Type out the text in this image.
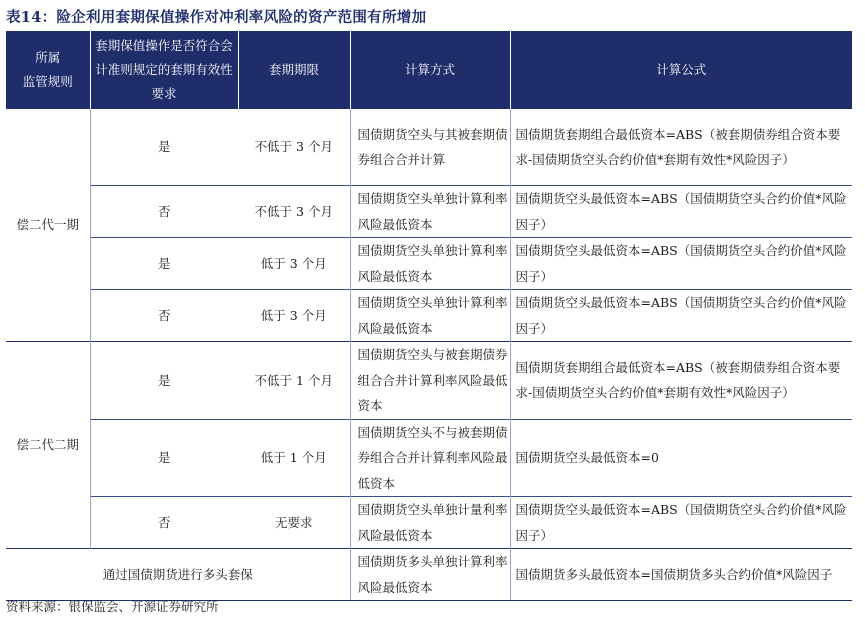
表14：险企利用套期保值操作对冲利率风险的资产范围有所增加
所属
监管规则	套期保值操作是否符合会计准则规定的套期有效性要求	套期期限	计算方式	计算公式
偿二代一期	是	不低于 3 个月	国债期货空头与其被套期债券组合合并计算	国债期货套期组合最低资本=ABS（被套期债券组合资本要求-国债期货空头合约价值*套期有效性*风险因子）
	否	不低于 3 个月	国债期货空头单独计算利率风险最低资本	国债期货空头最低资本=ABS（国债期货空头合约价值*风险因子）
	是	低于 3 个月	国债期货空头单独计算利率风险最低资本	国债期货空头最低资本=ABS（国债期货空头合约价值*风险因子）
	否	低于 3 个月	国债期货空头单独计算利率风险最低资本	国债期货空头最低资本=ABS（国债期货空头合约价值*风险因子）
偿二代二期	是	不低于 1 个月	国债期货空头与被套期债券组合合并计算利率风险最低资本	国债期货套期组合最低资本=ABS（被套期债券组合资本要求-国债期货空头合约价值*套期有效性*风险因子）
	是	低于 1 个月	国债期货空头不与被套期债券组合合并计算利率风险最低资本	国债期货空头最低资本=0
	否	无要求	国债期货空头单独计量利率风险最低资本	国债期货空头最低资本=ABS（国债期货空头合约价值*风险因子）
通过国债期货进行多头套保			国债期货多头单独计算利率风险最低资本	国债期货多头最低资本=国债期货多头合约价值*风险因子
资料来源：银保监会、开源证券研究所
